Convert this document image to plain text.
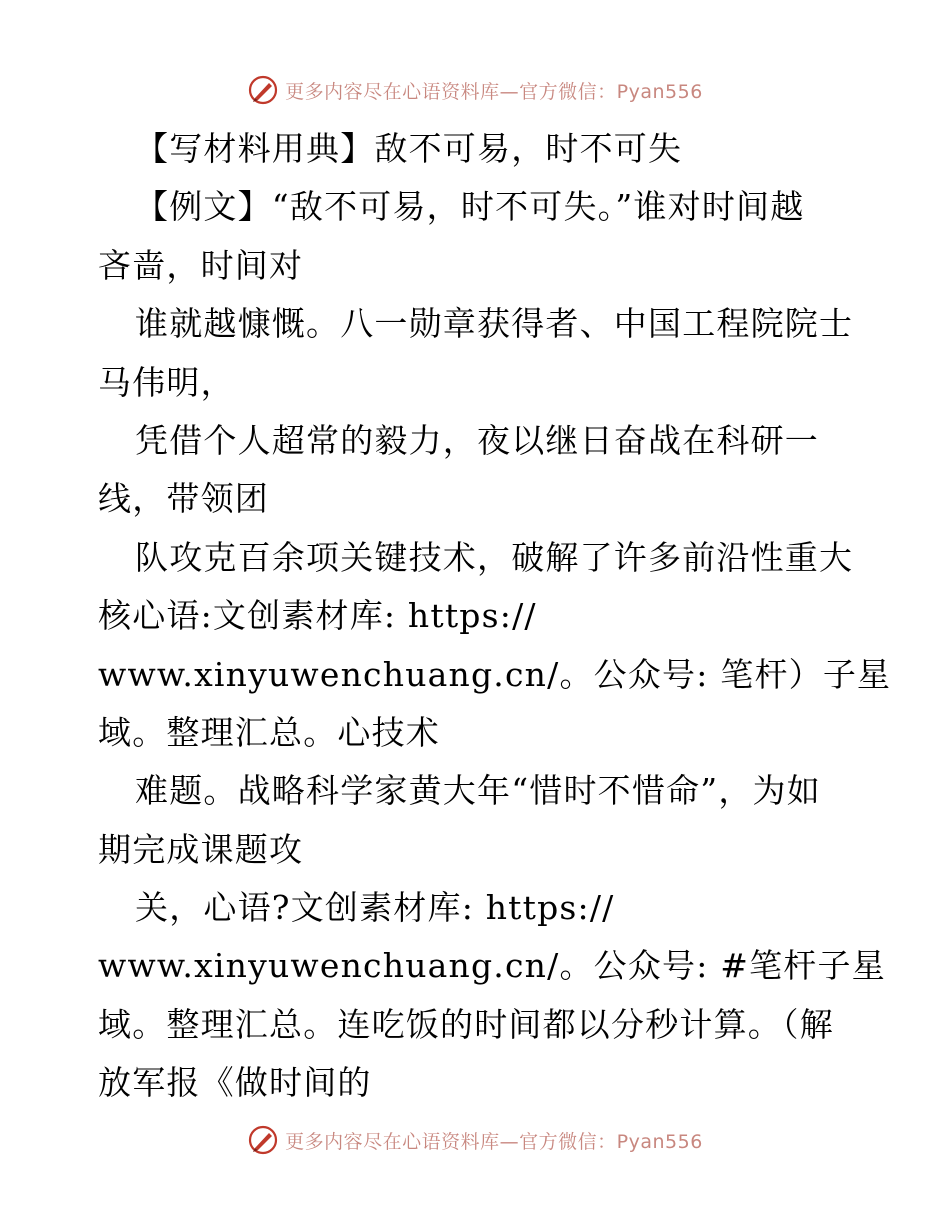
更多内容尽在心语资料库—官方微信：Pyan556
【写材料用典】敌不可易，时不可失
【例文】“敌不可易，时不可失。”谁对时间越
吝啬，时间对
谁就越慷慨。八一勋章获得者、中国工程院院士
马伟明，
凭借个人超常的毅力，夜以继日奋战在科研一
线，带领团
队攻克百余项关键技术，破解了许多前沿性重大
核心语:文创素材库: https://
www.xinyuwenchuang.cn/。公众号: 笔杆）子星
域。整理汇总。心技术
难题。战略科学家黄大年“惜时不惜命”，为如
期完成课题攻
关，心语?文创素材库: https://
www.xinyuwenchuang.cn/。公众号: #笔杆子星
域。整理汇总。连吃饭的时间都以分秒计算。（解
放军报《做时间的
更多内容尽在心语资料库—官方微信：Pyan556
